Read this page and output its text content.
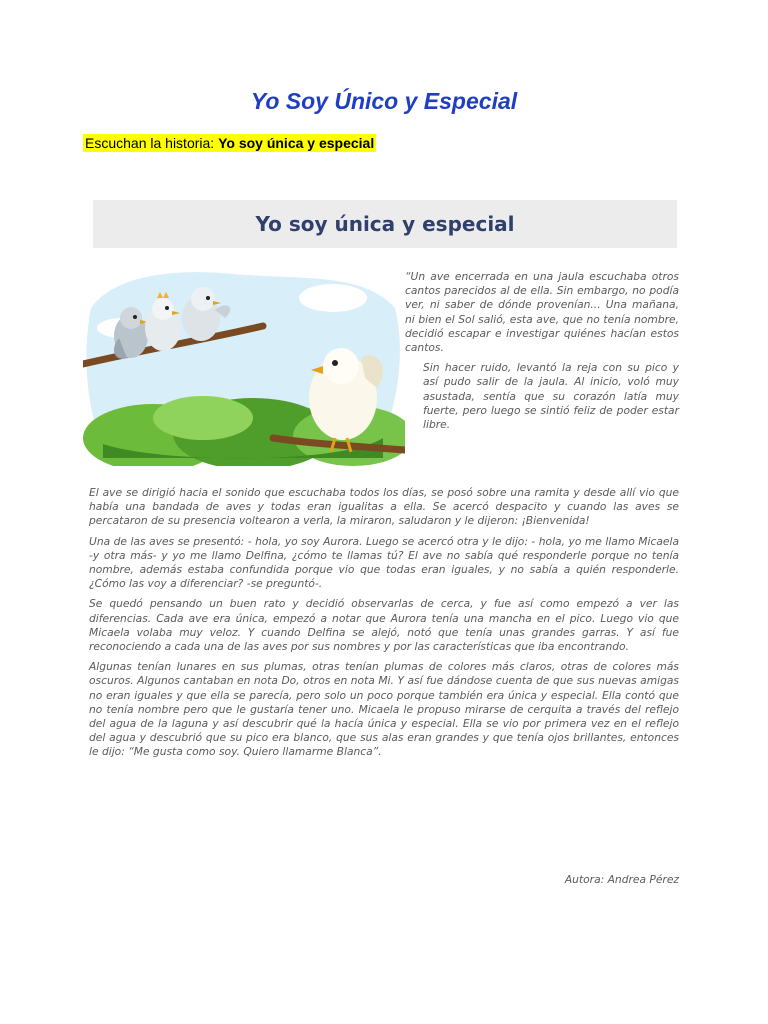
Yo Soy Único y Especial
Escuchan la historia: Yo soy única y especial
Yo soy única y especial

“Un ave encerrada en una jaula escuchaba otros cantos parecidos al de ella. Sin embargo, no podía ver, ni saber de dónde provenían... Una mañana, ni bien el Sol salió, esta ave, que no tenía nombre, decidió escapar e investigar quiénes hacían estos cantos.

Sin hacer ruido, levantó la reja con su pico y así pudo salir de la jaula. Al inicio, voló muy asustada, sentía que su corazón latía muy fuerte, pero luego se sintió feliz de poder estar libre.

El ave se dirigió hacia el sonido que escuchaba todos los días, se posó sobre una ramita y desde allí vio que había una bandada de aves y todas eran igualitas a ella. Se acercó despacito y cuando las aves se percataron de su presencia voltearon a verla, la miraron, saludaron y le dijeron: ¡Bienvenida!

Una de las aves se presentó: - hola, yo soy Aurora. Luego se acercó otra y le dijo: - hola, yo me llamo Micaela -y otra más- y yo me llamo Delfina, ¿cómo te llamas tú? El ave no sabía qué responderle porque no tenía nombre, además estaba confundida porque vio que todas eran iguales, y no sabía a quién responderle. ¿Cómo las voy a diferenciar? -se preguntó-.

Se quedó pensando un buen rato y decidió observarlas de cerca, y fue así como empezó a ver las diferencias. Cada ave era única, empezó a notar que Aurora tenía una mancha en el pico. Luego vio que Micaela volaba muy veloz. Y cuando Delfina se alejó, notó que tenía unas grandes garras. Y así fue reconociendo a cada una de las aves por sus nombres y por las características que iba encontrando.

Algunas tenían lunares en sus plumas, otras tenían plumas de colores más claros, otras de colores más oscuros. Algunos cantaban en nota Do, otros en nota Mi. Y así fue dándose cuenta de que sus nuevas amigas no eran iguales y que ella se parecía, pero solo un poco porque también era única y especial. Ella contó que no tenía nombre pero que le gustaría tener uno. Micaela le propuso mirarse de cerquita a través del reflejo del agua de la laguna y así descubrir qué la hacía única y especial. Ella se vio por primera vez en el reflejo del agua y descubrió que su pico era blanco, que sus alas eran grandes y que tenía ojos brillantes, entonces le dijo: “Me gusta como soy. Quiero llamarme Blanca”.

Autora: Andrea Pérez
